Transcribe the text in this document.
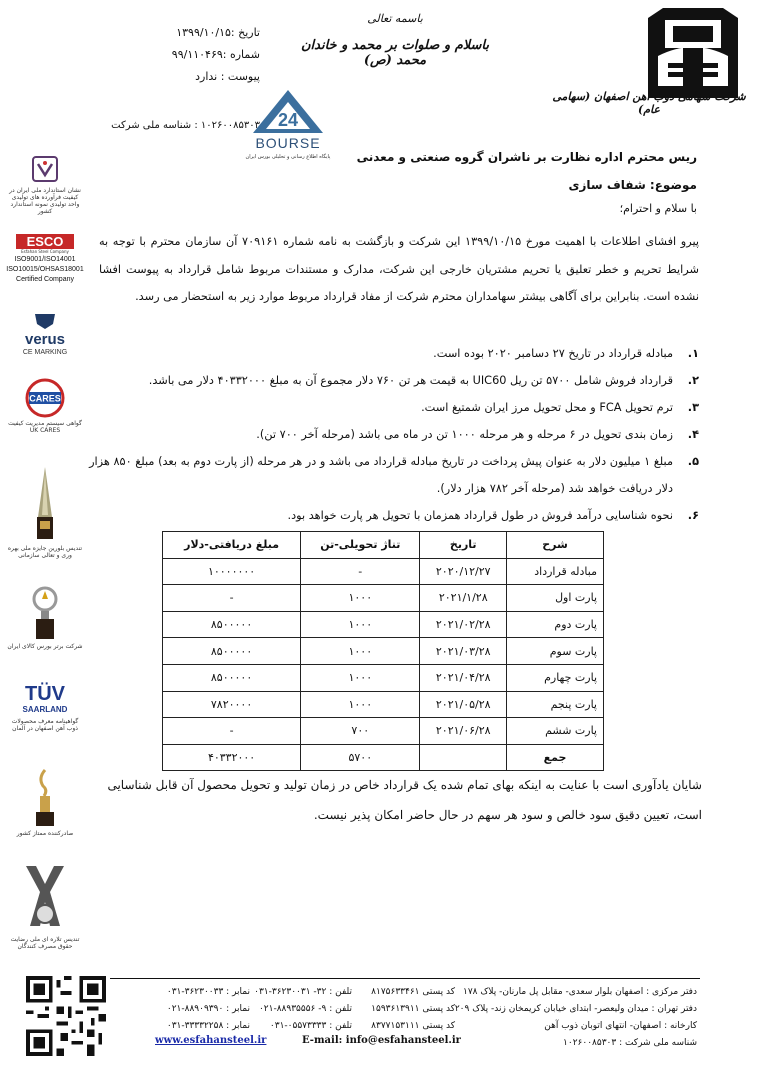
شرکت سهامی ذوب آهن اصفهان (سهامی عام)
باسمه تعالی
باسلام و صلوات بر محمد و خاندان محمد (ص)
تاریخ :۱۳۹۹/۱۰/۱۵
شماره :۹۹/۱۱۰۴۶۹
پیوست : ندارد
۱۰۲۶۰۰۸۵۳۰۳ : شناسه ملی شرکت 24
BOURSE
پایگاه اطلاع رسانی و تحلیلی بورس ایران	ریس محترم اداره نظارت بر ناشران گروه صنعتی و معدنی
موضوع: شفاف سازی
با سلام و احترام؛
پیرو افشای اطلاعات با اهمیت مورخ ۱۳۹۹/۱۰/۱۵ این شرکت و بازگشت به نامه شماره ۷۰۹۱۶۱ آن سازمان محترم با توجه به شرایط تحریم و خطر تعلیق یا تحریم مشتریان خارجی این شرکت، مدارک و مستندات مربوط شامل قرارداد به پیوست افشا نشده است. بنابراین برای آگاهی بیشتر سهامداران محترم شرکت از مفاد قرارداد مربوط موارد زیر به استحضار می رسد.
۱.
مبادله قرارداد در تاریخ ۲۷ دسامبر ۲۰۲۰ بوده است.
۲.
قرارداد فروش شامل ۵۷۰۰ تن ریل UIC60 به قیمت هر تن ۷۶۰ دلار مجموع آن به مبلغ ۴۰۳۳۲۰۰۰ دلار می باشد.
۳.
ترم تحویل FCA و محل تحویل مرز ایران شمتیغ است.
۴.
زمان بندی تحویل در ۶ مرحله و هر مرحله ۱۰۰۰ تن در ماه می باشد (مرحله آخر ۷۰۰ تن).
۵.
مبلغ ۱ میلیون دلار به عنوان پیش پرداخت در تاریخ مبادله قرارداد می باشد و در هر مرحله (از پارت دوم به بعد) مبلغ ۸۵۰ هزار دلار دریافت خواهد شد (مرحله آخر ۷۸۲ هزار دلار).
۶.
نحوه شناسایی درآمد فروش در طول قرارداد همزمان با تحویل هر پارت خواهد بود.
شرح	تاریخ	تناژ تحویلی-تن	مبلغ دریافتی-دلار
مبادله قرارداد	۲۰۲۰/۱۲/۲۷	-	۱۰۰۰۰۰۰۰
پارت اول	۲۰۲۱/۱/۲۸	۱۰۰۰	-
پارت دوم	۲۰۲۱/۰۲/۲۸	۱۰۰۰	۸۵۰۰۰۰۰
پارت سوم	۲۰۲۱/۰۳/۲۸	۱۰۰۰	۸۵۰۰۰۰۰
پارت چهارم	۲۰۲۱/۰۴/۲۸	۱۰۰۰	۸۵۰۰۰۰۰
پارت پنجم	۲۰۲۱/۰۵/۲۸	۱۰۰۰	۷۸۲۰۰۰۰
پارت ششم	۲۰۲۱/۰۶/۲۸	۷۰۰	-
جمع		۵۷۰۰	۴۰۳۳۲۰۰۰
شایان یادآوری است با عنایت به اینکه بهای تمام شده یک قرارداد خاص در زمان تولید و تحویل محصول آن قابل شناسایی است، تعیین دقیق سود خالص و سود هر سهم در حال حاضر امکان پذیر نیست.
نشان استاندارد ملی ایران در کیفیت فرآورده های تولیدی واحد تولیدی نمونه استاندارد کشور
ESCO
Esfahan Steel Company
ISO9001/ISO14001
ISO10015/OHSAS18001
Certified Company
verus
CE MARKING
CARES
گواهی سیستم مدیریت کیفیت UK CARES
تندیس بلورین جایزه ملی بهره وری و تعالی سازمانی
شرکت برتر بورس کالای ایران
TÜV
SAARLAND
گواهینامه معرف محصولات ذوب آهن اصفهان در آلمان
صادرکننده ممتاز کشور
تندیس تلاره ای ملی رضایت حقوق مصرف کنندگان
دفتر مرکزی : اصفهان بلوار سعدی- مقابل پل مارنان- پلاک ۱۷۸
دفتر تهران : میدان ولیعصر- ابتدای خیابان کریمخان زند- پلاک ۲۰۹
کارخانه : اصفهان- انتهای اتوبان ذوب آهن
شناسه ملی شرکت : ۱۰۲۶۰۰۸۵۳۰۳
کد پستی ۸۱۷۵۶۳۳۴۶۱
کد پستی ۱۵۹۳۶۱۳۹۱۱
کد پستی ۸۳۷۷۱۵۳۱۱۱
تلفن : ۳۲- ۳۶۲۳۰۰۳۱-۰۳۱
تلفن : ۹- ۸۸۹۳۵۵۵۶-۰۲۱
تلفن : ۰۵۵۷۳۳۳۳-۰۳۱
نمابر : ۳۶۲۳۰۰۳۳-۰۳۱
نمابر : ۸۸۹۰۹۳۹۰-۰۲۱
نمابر : ۳۳۳۳۲۲۵۸-۰۳۱
E-mail: info@esfahansteel.ir
www.esfahansteel.ir
